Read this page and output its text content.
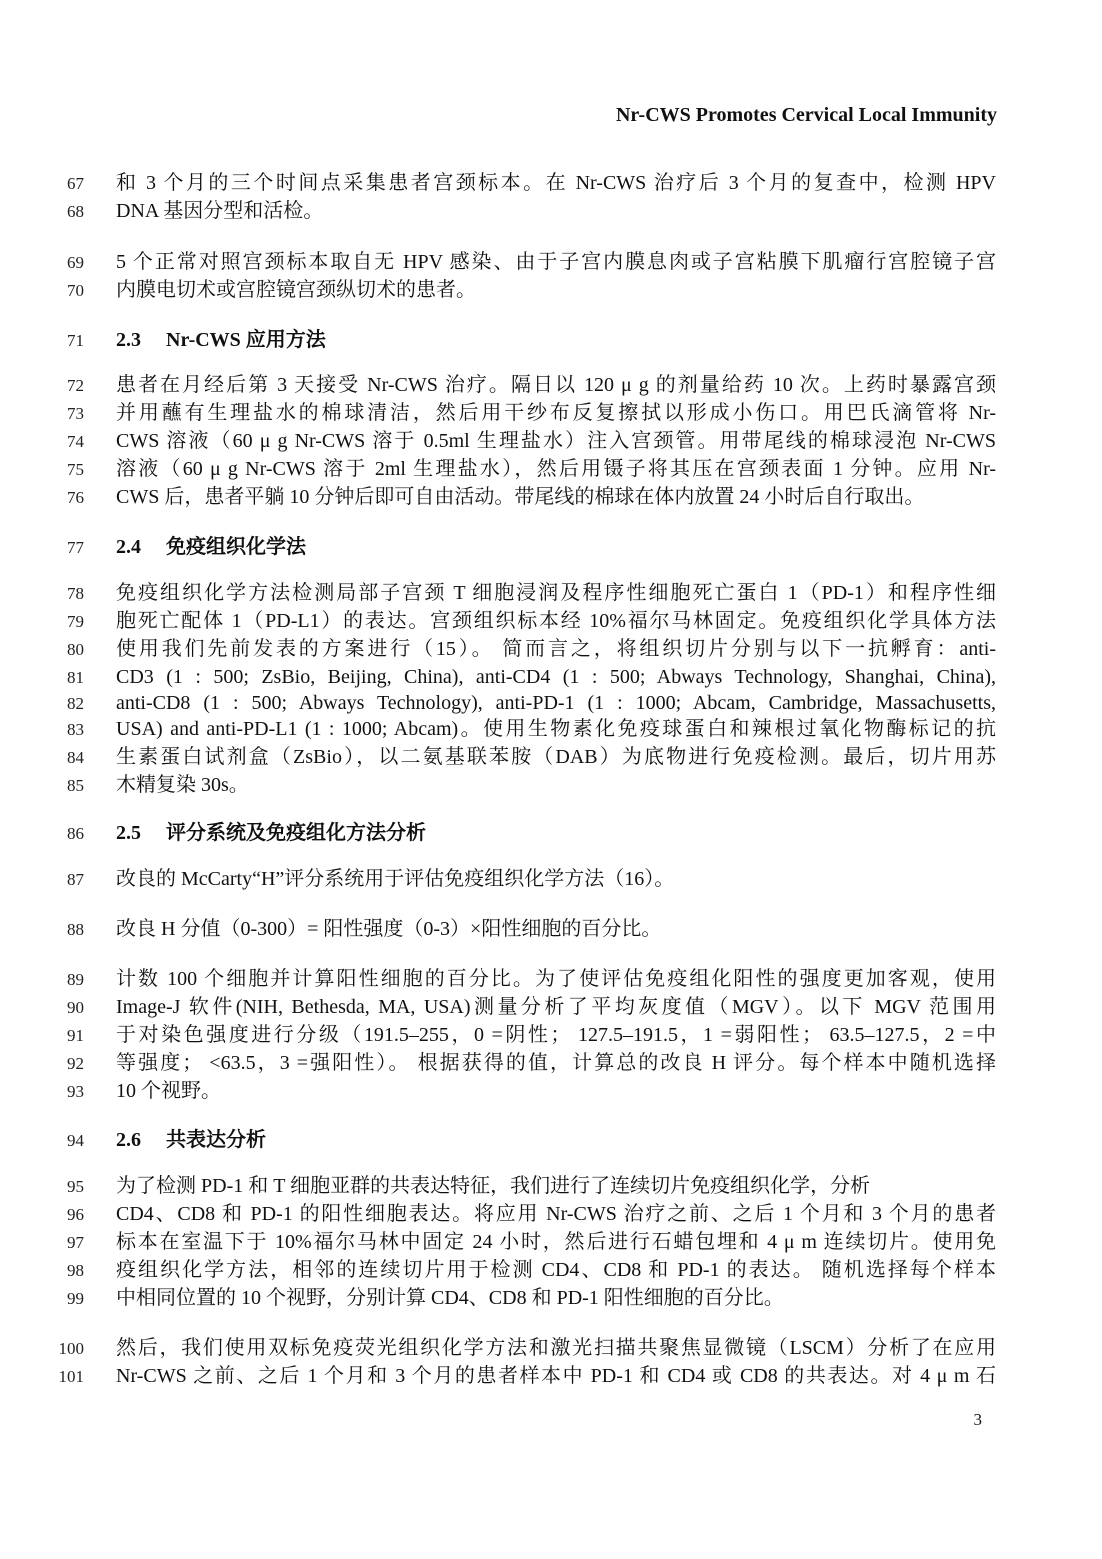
Nr-CWS Promotes Cervical Local Immunity
67 和 3 个月的三个时间点采集患者宫颈标本。在 Nr-CWS 治疗后 3 个月的复查中，检测 HPV
68 DNA 基因分型和活检。
69 5 个正常对照宫颈标本取自无 HPV 感染、由于子宫内膜息肉或子宫粘膜下肌瘤行宫腔镜子宫
70 内膜电切术或宫腔镜宫颈纵切术的患者。
71 2.3 Nr-CWS 应用方法
72 患者在月经后第 3 天接受 Nr-CWS 治疗。隔日以 120 μ g 的剂量给药 10 次。上药时暴露宫颈
73 并用蘸有生理盐水的棉球清洁，然后用干纱布反复擦拭以形成小伤口。用巴氏滴管将 Nr-
74 CWS 溶液（60 μ g Nr-CWS 溶于 0.5ml 生理盐水）注入宫颈管。用带尾线的棉球浸泡 Nr-CWS
75 溶液（60 μ g Nr-CWS 溶于 2ml 生理盐水），然后用镊子将其压在宫颈表面 1 分钟。应用 Nr-
76 CWS 后，患者平躺 10 分钟后即可自由活动。带尾线的棉球在体内放置 24 小时后自行取出。
77 2.4 免疫组织化学法
78 免疫组织化学方法检测局部子宫颈 T 细胞浸润及程序性细胞死亡蛋白 1（PD-1）和程序性细
79 胞死亡配体 1（PD-L1）的表达。宫颈组织标本经 10%福尔马林固定。免疫组织化学具体方法
80 使用我们先前发表的方案进行（15）。 简而言之，将组织切片分别与以下一抗孵育：anti-
81 CD3 (1 : 500; ZsBio, Beijing, China), anti-CD4 (1 : 500; Abways Technology, Shanghai, China),
82 anti-CD8 (1 : 500; Abways Technology), anti-PD-1 (1 : 1000; Abcam, Cambridge, Massachusetts,
83 USA) and anti-PD-L1 (1 : 1000; Abcam)。使用生物素化免疫球蛋白和辣根过氧化物酶标记的抗
84 生素蛋白试剂盒（ZsBio），以二氨基联苯胺（DAB）为底物进行免疫检测。最后，切片用苏
85 木精复染 30s。
86 2.5 评分系统及免疫组化方法分析
87 改良的 McCarty“H”评分系统用于评估免疫组织化学方法（16）。
88 改良 H 分值（0-300）= 阳性强度（0-3）×阳性细胞的百分比。
89 计数 100 个细胞并计算阳性细胞的百分比。为了使评估免疫组化阳性的强度更加客观，使用
90 Image-J 软件(NIH, Bethesda, MA, USA)测量分析了平均灰度值（MGV）。以下 MGV 范围用
91 于对染色强度进行分级（191.5–255，0 =阴性； 127.5–191.5，1 =弱阳性； 63.5–127.5，2 =中
92 等强度； <63.5，3 =强阳性）。 根据获得的值，计算总的改良 H 评分。每个样本中随机选择
93 10 个视野。
94 2.6 共表达分析
95 为了检测 PD-1 和 T 细胞亚群的共表达特征，我们进行了连续切片免疫组织化学，分析
96 CD4、CD8 和 PD-1 的阳性细胞表达。将应用 Nr-CWS 治疗之前、之后 1 个月和 3 个月的患者
97 标本在室温下于 10%福尔马林中固定 24 小时，然后进行石蜡包埋和 4 μ m 连续切片。使用免
98 疫组织化学方法，相邻的连续切片用于检测 CD4、CD8 和 PD-1 的表达。 随机选择每个样本
99 中相同位置的 10 个视野，分别计算 CD4、CD8 和 PD-1 阳性细胞的百分比。
100 然后，我们使用双标免疫荧光组织化学方法和激光扫描共聚焦显微镜（LSCM）分析了在应用
101 Nr-CWS 之前、之后 1 个月和 3 个月的患者样本中 PD-1 和 CD4 或 CD8 的共表达。对 4 μ m 石
3
